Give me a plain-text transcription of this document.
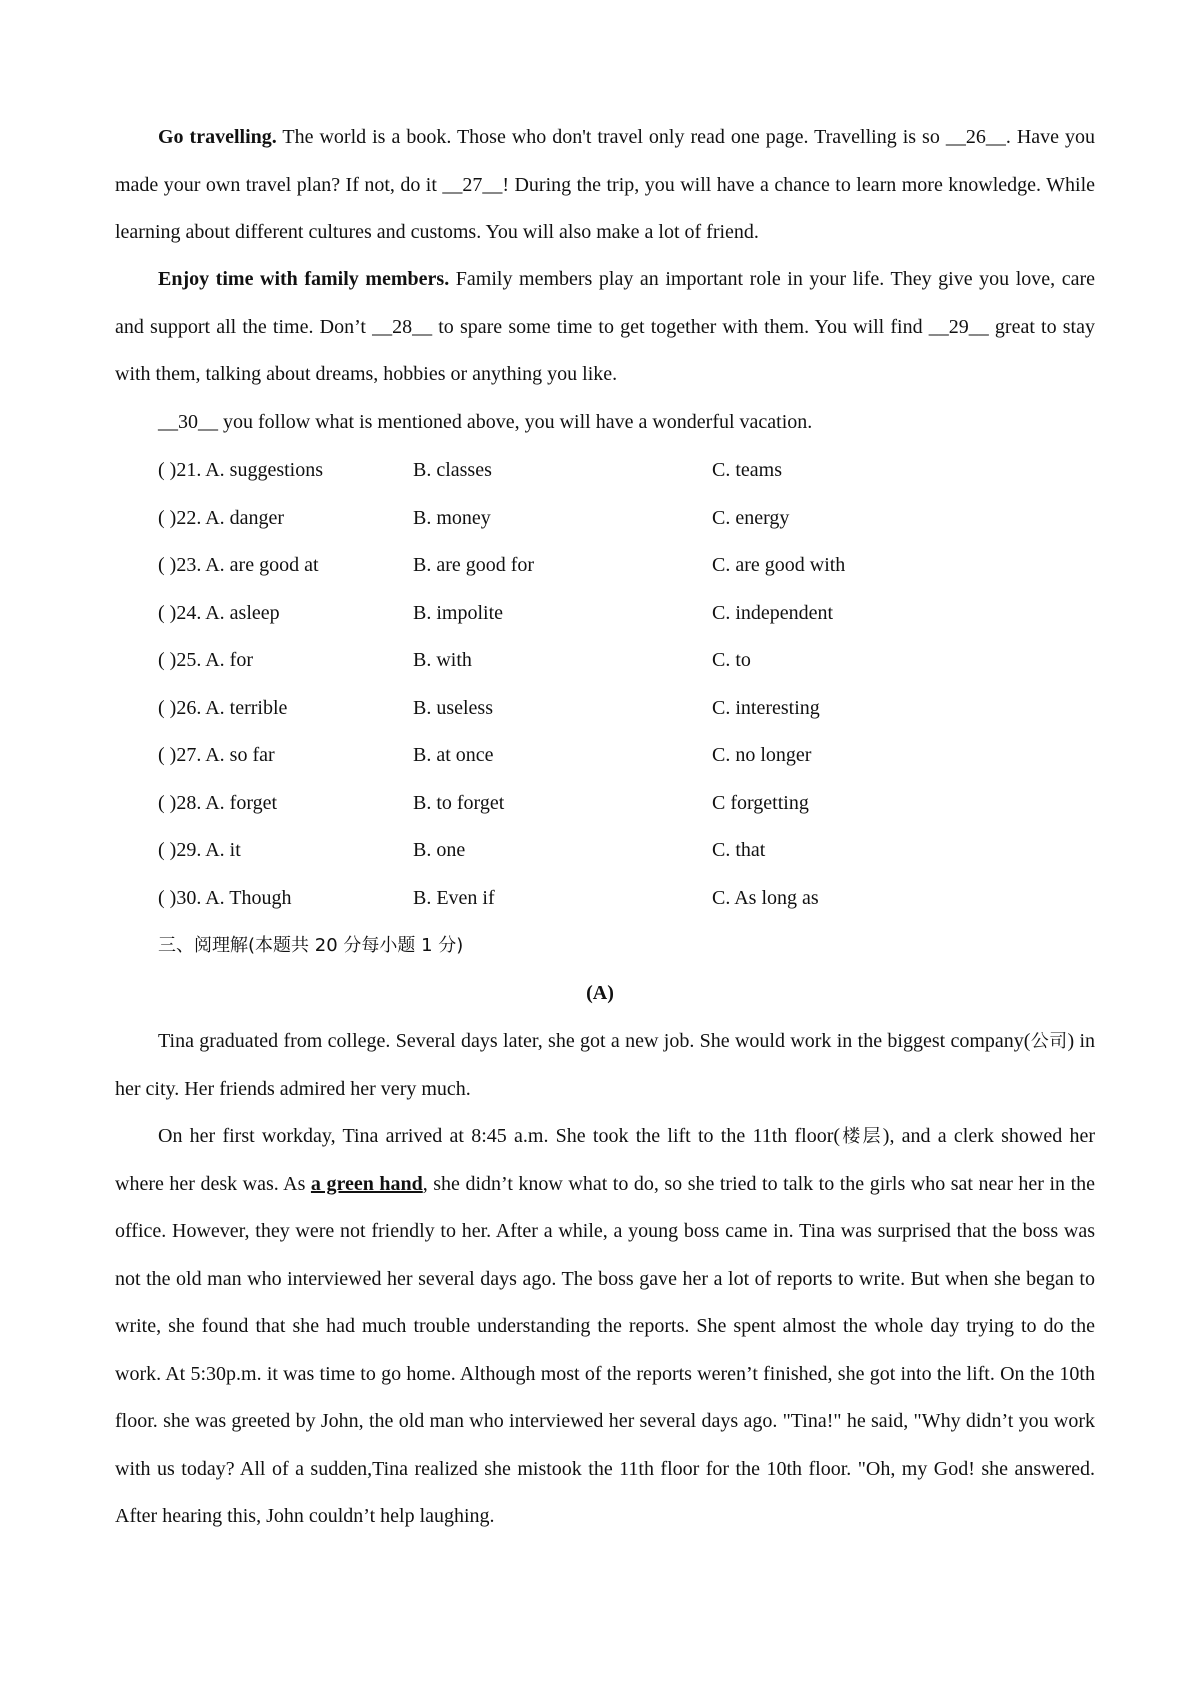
Go travelling. The world is a book. Those who don't travel only read one page. Travelling is so __26__. Have you made your own travel plan? If not, do it __27__! During the trip, you will have a chance to learn more knowledge. While learning about different cultures and customs. You will also make a lot of friend.

Enjoy time with family members. Family members play an important role in your life. They give you love, care and support all the time. Don’t __28__ to spare some time to get together with them. You will find __29__ great to stay with them, talking about dreams, hobbies or anything you like.

__30__ you follow what is mentioned above, you will have a wonderful vacation.

( )21. A. suggestions	B. classes	C. teams
( )22. A. danger	B. money	C. energy
( )23. A. are good at	B. are good for	C. are good with
( )24. A. asleep	B. impolite	C. independent
( )25. A. for	B. with	C. to
( )26. A. terrible	B. useless	C. interesting
( )27. A. so far	B. at once	C. no longer
( )28. A. forget	B. to forget	C forgetting
( )29. A. it	B. one	C. that
( )30. A. Though	B. Even if	C. As long as
三、阅理解(本题共 20 分每小题 1 分)
(A)

Tina graduated from college. Several days later, she got a new job. She would work in the biggest company(公司) in her city. Her friends admired her very much.

On her first workday, Tina arrived at 8:45 a.m. She took the lift to the 11th floor(楼层), and a clerk showed her where her desk was. As a green hand, she didn’t know what to do, so she tried to talk to the girls who sat near her in the office. However, they were not friendly to her. After a while, a young boss came in. Tina was surprised that the boss was not the old man who interviewed her several days ago. The boss gave her a lot of reports to write. But when she began to write, she found that she had much trouble understanding the reports. She spent almost the whole day trying to do the work. At 5:30p.m. it was time to go home. Although most of the reports weren’t finished, she got into the lift. On the 10th floor. she was greeted by John, the old man who interviewed her several days ago. "Tina!" he said, "Why didn’t you work with us today? All of a sudden,Tina realized she mistook the 11th floor for the 10th floor. "Oh, my God! she answered. After hearing this, John couldn’t help laughing.
